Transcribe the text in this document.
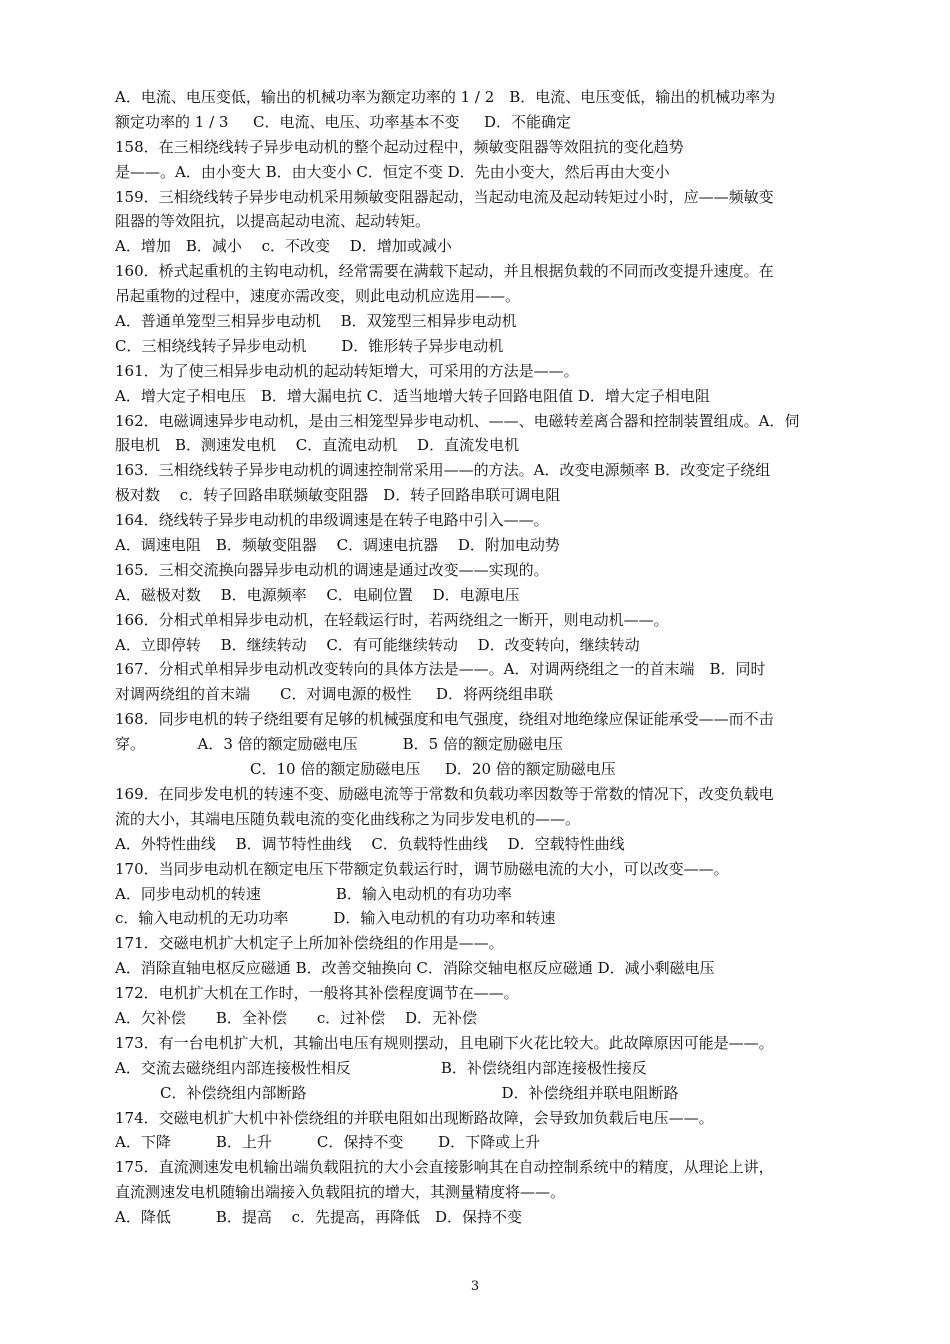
A．电流、电压变低，输出的机械功率为额定功率的 1 / 2　B．电流、电压变低，输出的机械功率为
额定功率的 1 / 3　  C．电流、电压、功率基本不变　  D．不能确定
158．在三相绕线转子异步电动机的整个起动过程中，频敏变阻器等效阻抗的变化趋势
是——。A．由小变大 B．由大变小 C．恒定不变 D．先由小变大，然后再由大变小
159．三相绕线转子异步电动机采用频敏变阻器起动，当起动电流及起动转矩过小时，应——频敏变
阻器的等效阻抗，以提高起动电流、起动转矩。
A．增加　B．减小　 c．不改变　 D．增加或减小
160．桥式起重机的主钩电动机，经常需要在满载下起动，并且根据负载的不同而改变提升速度。在
吊起重物的过程中，速度亦需改变，则此电动机应选用——。
A．普通单笼型三相异步电动机　 B．双笼型三相异步电动机
C．三相绕线转子异步电动机　　 D．锥形转子异步电动机
161．为了使三相异步电动机的起动转矩增大，可采用的方法是——。
A．增大定子相电压　B．增大漏电抗 C．适当地增大转子回路电阻值 D．增大定子相电阻
162．电磁调速异步电动机，是由三相笼型异步电动机、——、电磁转差离合器和控制装置组成。A．伺
服电机　B．测速发电机　 C．直流电动机　 D．直流发电机
163．三相绕线转子异步电动机的调速控制常采用——的方法。A．改变电源频率 B．改变定子绕组
极对数　 c．转子回路串联频敏变阻器　D．转子回路串联可调电阻
164．绕线转子异步电动机的串级调速是在转子电路中引入——。
A．调速电阻　B．频敏变阻器　 C．调速电抗器　 D．附加电动势
165．三相交流换向器异步电动机的调速是通过改变——实现的。
A．磁极对数　 B．电源频率　 C．电刷位置　 D．电源电压
166．分相式单相异步电动机，在轻载运行时，若两绕组之一断开，则电动机——。
A．立即停转　 B．继续转动　 C．有可能继续转动　 D．改变转向，继续转动
167．分相式单相异步电动机改变转向的具体方法是——。A．对调两绕组之一的首末端　B．同时
对调两绕组的首末端　　C．对调电源的极性　  D．将两绕组串联
168．同步电机的转子绕组要有足够的机械强度和电气强度，绕组对地绝缘应保证能承受——而不击
穿。　　　　A．3 倍的额定励磁电压　　　B．5 倍的额定励磁电压
　　　　　　　　　C．10 倍的额定励磁电压　  D．20 倍的额定励磁电压
169．在同步发电机的转速不变、励磁电流等于常数和负载功率因数等于常数的情况下，改变负载电
流的大小，其端电压随负载电流的变化曲线称之为同步发电机的——。
A．外特性曲线　 B．调节特性曲线　 C．负载特性曲线　 D．空载特性曲线
170．当同步电动机在额定电压下带额定负载运行时，调节励磁电流的大小，可以改变——。
A．同步电动机的转速　　　　　B．输入电动机的有功功率
c．输入电动机的无功功率　　　D．输入电动机的有功功率和转速
171．交磁电机扩大机定子上所加补偿绕组的作用是——。
A．消除直轴电枢反应磁通 B．改善交轴换向 C．消除交轴电枢反应磁通 D．减小剩磁电压
172．电机扩大机在工作时，一般将其补偿程度调节在——。
A．欠补偿　　B．全补偿　　c．过补偿　 D．无补偿
173．有一台电机扩大机，其输出电压有规则摆动，且电刷下火花比较大。此故障原因可能是——。
A．交流去磁绕组内部连接极性相反　　　　　　B．补偿绕组内部连接极性接反
　　　C．补偿绕组内部断路　　　　　　　　　　　　　D．补偿绕组并联电阻断路
174．交磁电机扩大机中补偿绕组的并联电阻如出现断路故障，会导致加负载后电压——。
A．下降　　　B．上升　　　C．保持不变　　 D．下降或上升
175．直流测速发电机输出端负载阻抗的大小会直接影响其在自动控制系统中的精度，从理论上讲，
直流测速发电机随输出端接入负载阻抗的增大，其测量精度将——。
A．降低　　　B．提高　 c．先提高，再降低　D．保持不变
3
